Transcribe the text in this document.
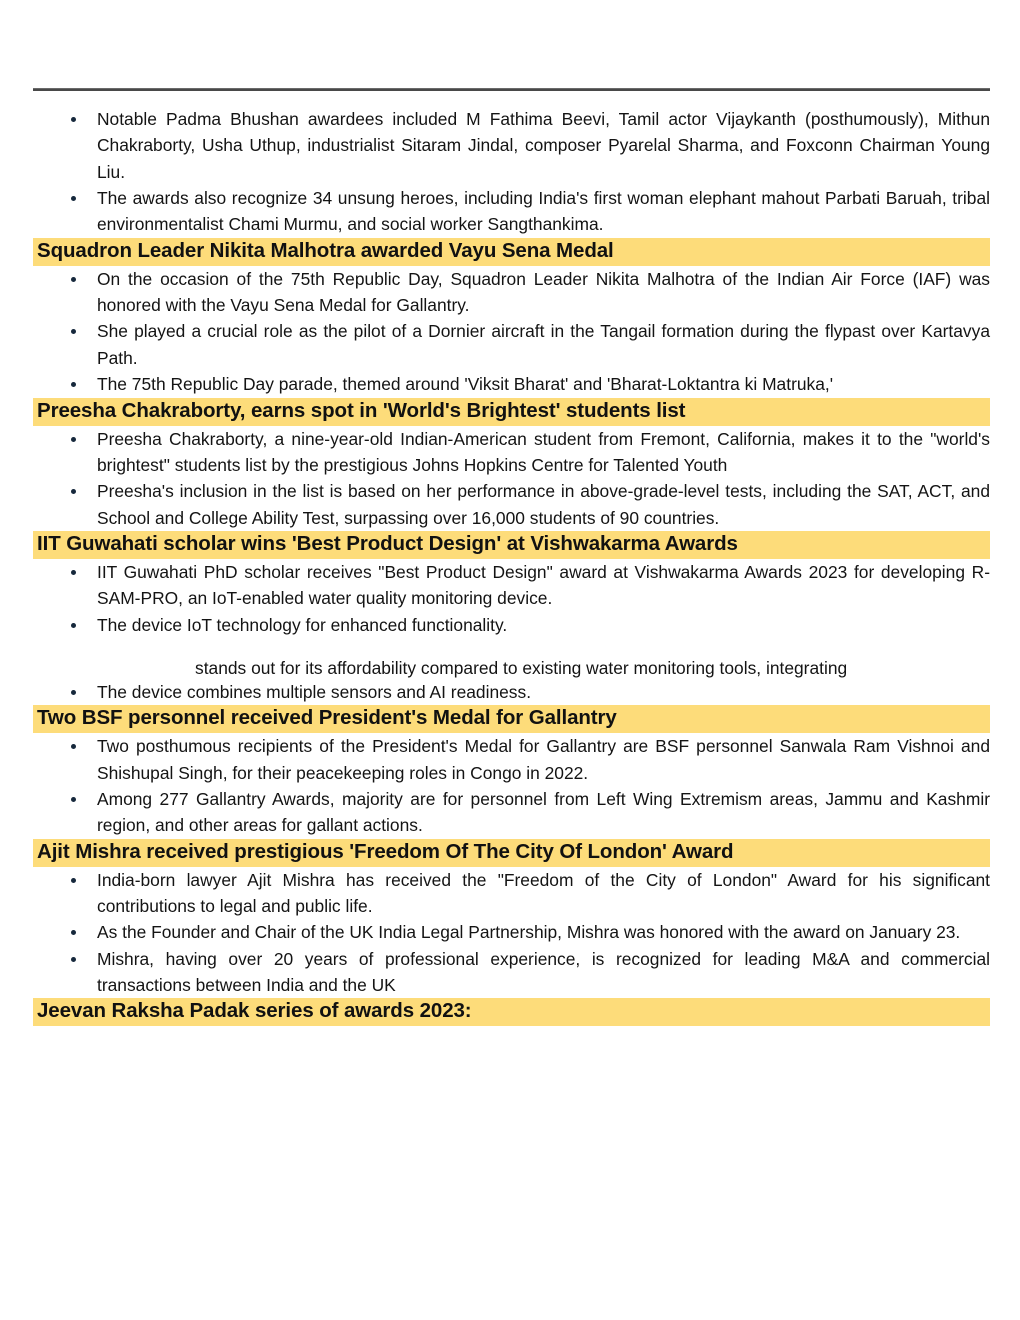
Notable Padma Bhushan awardees included M Fathima Beevi, Tamil actor Vijaykanth (posthumously), Mithun Chakraborty, Usha Uthup, industrialist Sitaram Jindal, composer Pyarelal Sharma, and Foxconn Chairman Young Liu.
The awards also recognize 34 unsung heroes, including India's first woman elephant mahout Parbati Baruah, tribal environmentalist Chami Murmu, and social worker Sangthankima.
Squadron Leader Nikita Malhotra awarded Vayu Sena Medal
On the occasion of the 75th Republic Day, Squadron Leader Nikita Malhotra of the Indian Air Force (IAF) was honored with the Vayu Sena Medal for Gallantry.
She played a crucial role as the pilot of a Dornier aircraft in the Tangail formation during the flypast over Kartavya Path.
The 75th Republic Day parade, themed around 'Viksit Bharat' and 'Bharat-Loktantra ki Matruka,'
Preesha Chakraborty, earns spot in 'World's Brightest' students list
Preesha Chakraborty, a nine-year-old Indian-American student from Fremont, California, makes it to the "world's brightest" students list by the prestigious Johns Hopkins Centre for Talented Youth
Preesha's inclusion in the list is based on her performance in above-grade-level tests, including the SAT, ACT, and School and College Ability Test, surpassing over 16,000 students of 90 countries.
IIT Guwahati scholar wins 'Best Product Design' at Vishwakarma Awards
IIT Guwahati PhD scholar receives "Best Product Design" award at Vishwakarma Awards 2023 for developing R-SAM-PRO, an IoT-enabled water quality monitoring device.
The device IoT technology for enhanced functionality.
stands out for its affordability compared to existing water monitoring tools, integrating
The device combines multiple sensors and AI readiness.
Two BSF personnel received President's Medal for Gallantry
Two posthumous recipients of the President's Medal for Gallantry are BSF personnel Sanwala Ram Vishnoi and Shishupal Singh, for their peacekeeping roles in Congo in 2022.
Among 277 Gallantry Awards, majority are for personnel from Left Wing Extremism areas, Jammu and Kashmir region, and other areas for gallant actions.
Ajit Mishra received prestigious 'Freedom Of The City Of London' Award
India-born lawyer Ajit Mishra has received the "Freedom of the City of London" Award for his significant contributions to legal and public life.
As the Founder and Chair of the UK India Legal Partnership, Mishra was honored with the award on January 23.
Mishra, having over 20 years of professional experience, is recognized for leading M&A and commercial transactions between India and the UK
Jeevan Raksha Padak series of awards 2023:
